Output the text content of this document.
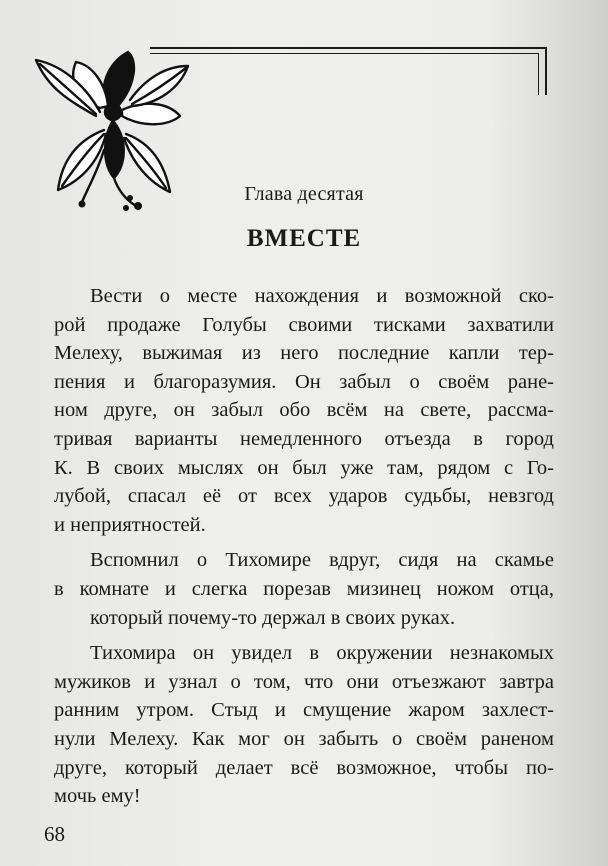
Глава десятая
ВМЕСТЕ
Вести о месте нахождения и возможной ско-
рой продаже Голубы своими тисками захватили
Мелеху, выжимая из него последние капли тер-
пения и благоразумия. Он забыл о своём ране-
ном друге, он забыл обо всём на свете, рассма-
тривая варианты немедленного отъезда в город
К. В своих мыслях он был уже там, рядом с Го-
лубой, спасал её от всех ударов судьбы, невзгод
и неприятностей.
Вспомнил о Тихомире вдруг, сидя на скамье
в комнате и слегка порезав мизинец ножом отца,
который почему-то держал в своих руках.
Тихомира он увидел в окружении незнакомых
мужиков и узнал о том, что они отъезжают завтра
ранним утром. Стыд и смущение жаром захлест-
нули Мелеху. Как мог он забыть о своём раненом
друге, который делает всё возможное, чтобы по-
мочь ему!
68
